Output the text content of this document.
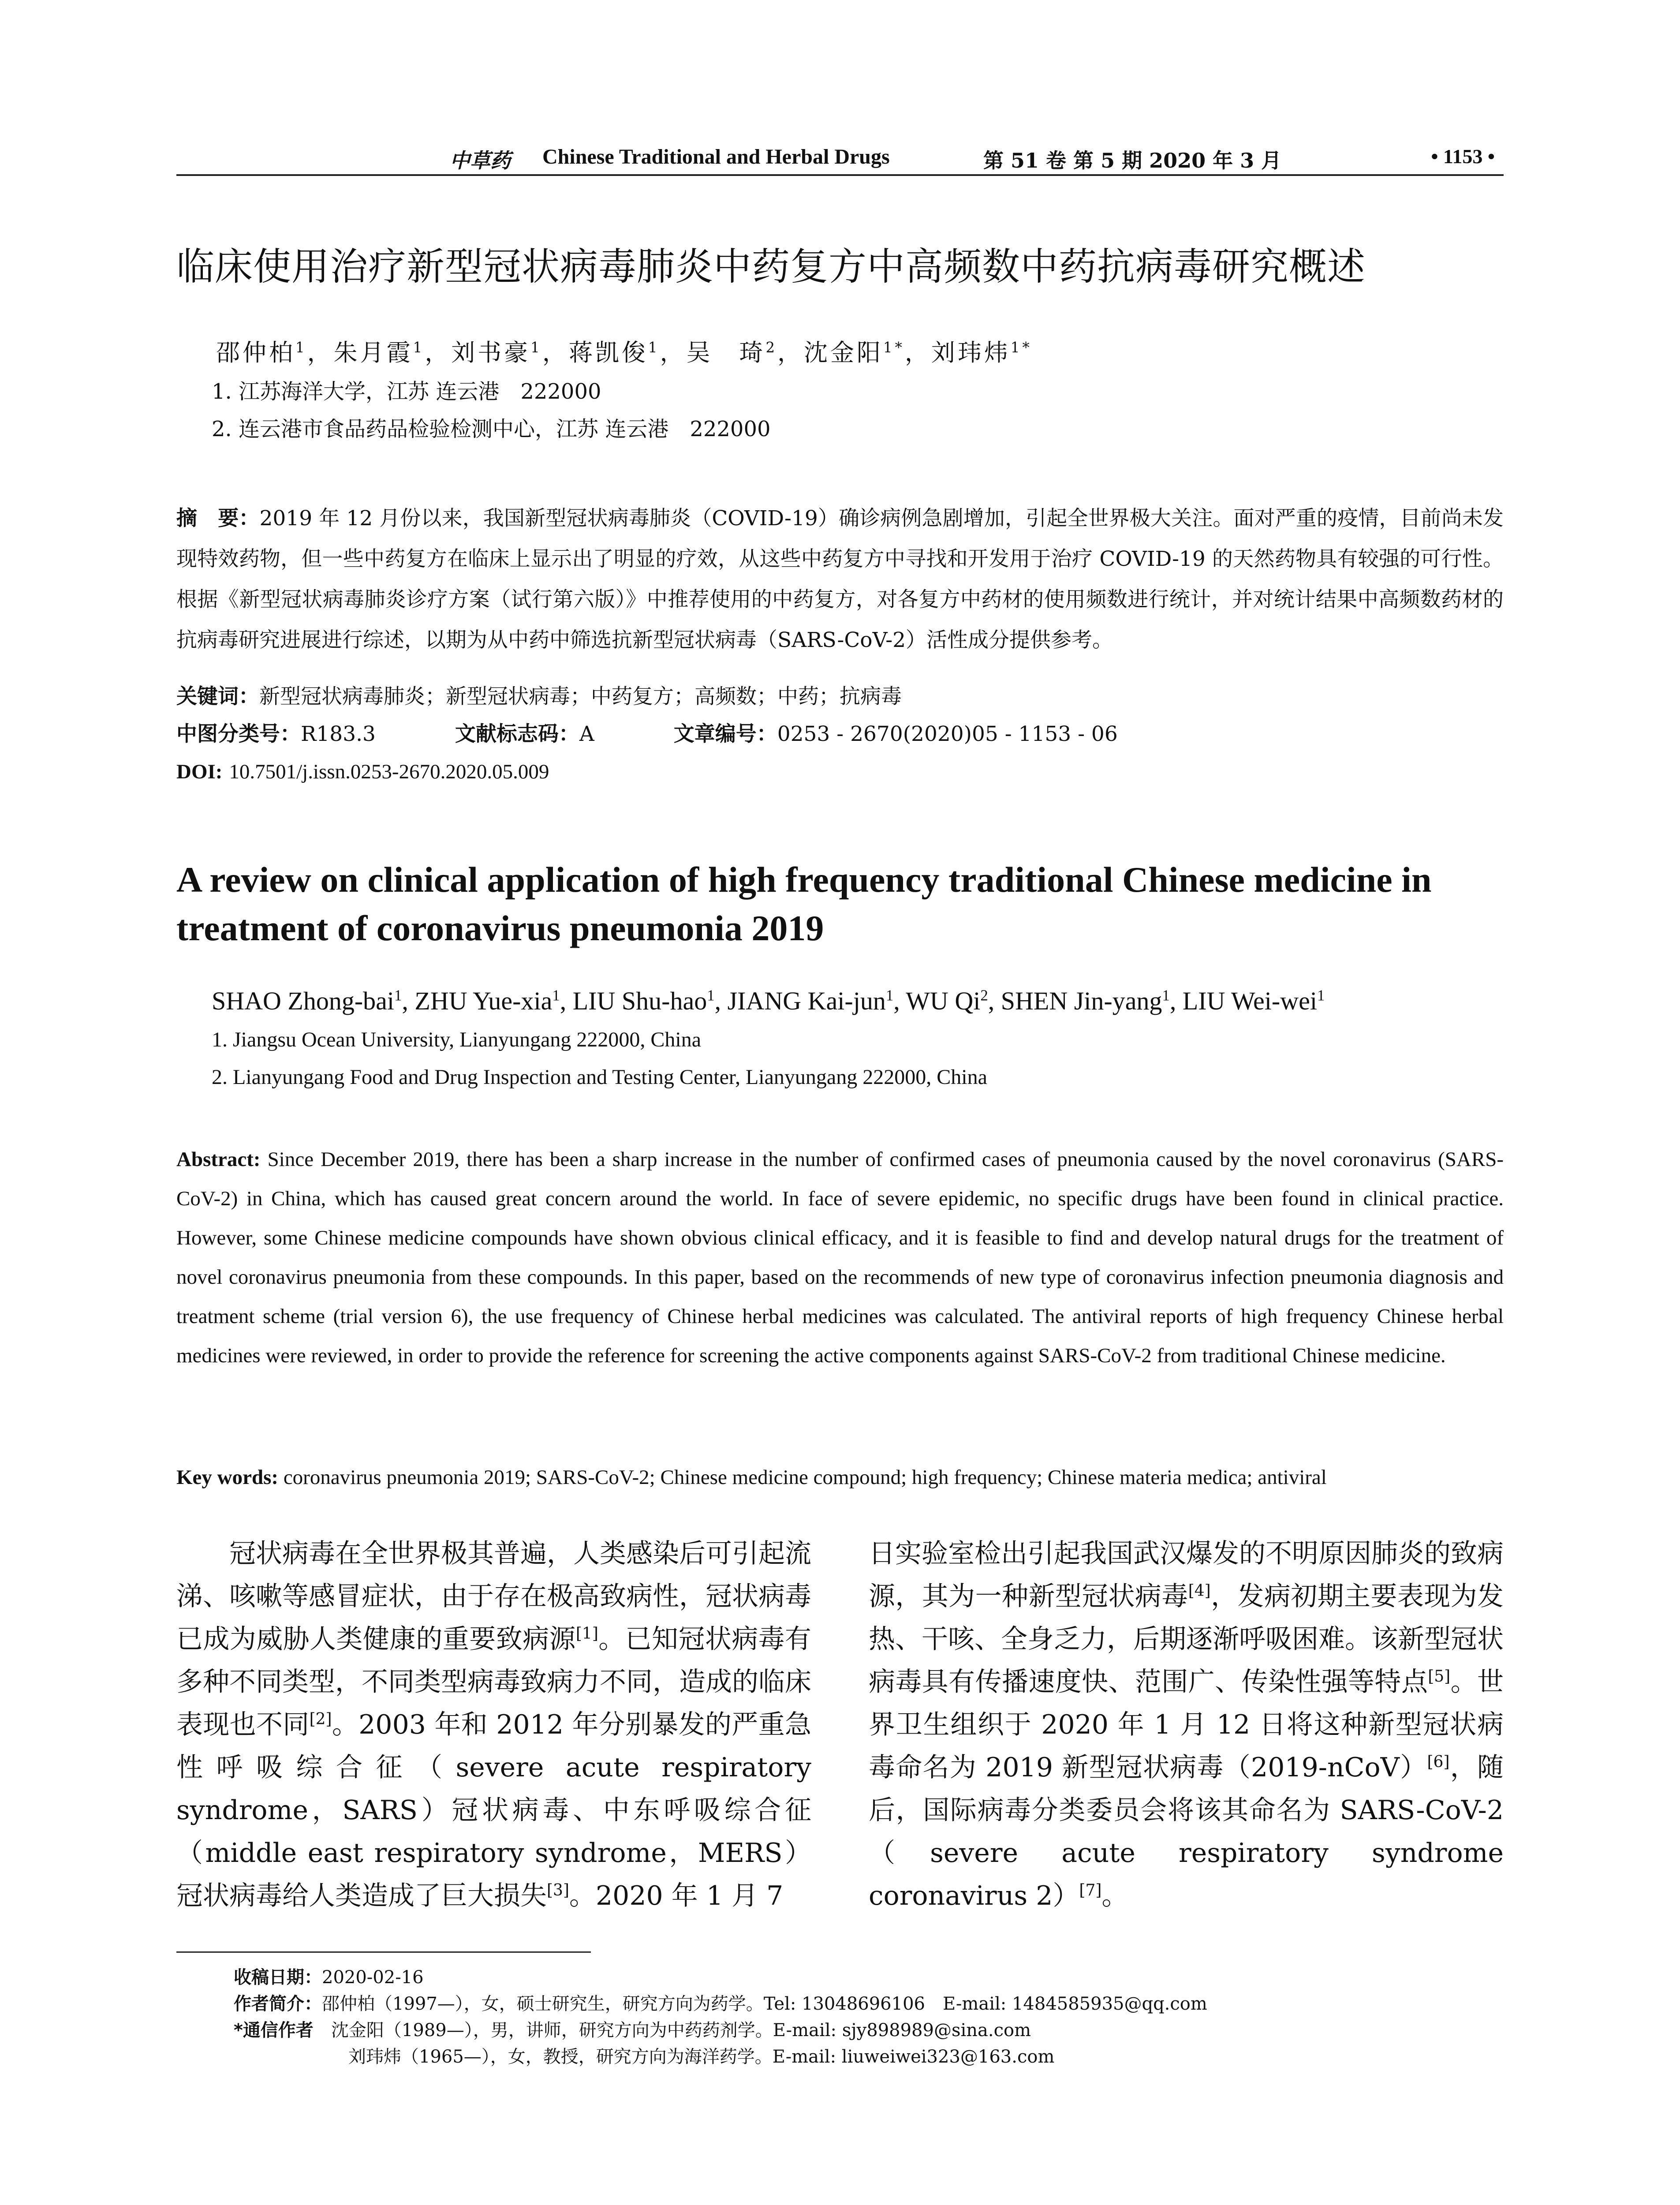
中草药 Chinese Traditional and Herbal Drugs	第 51 卷 第 5 期 2020 年 3 月	• 1153 •
临床使用治疗新型冠状病毒肺炎中药复方中高频数中药抗病毒研究概述
邵仲柏$^1$，朱月霞$^1$，刘书豪$^1$，蒋凯俊$^1$，吴　琦$^2$，沈金阳$^{1*}$，刘玮炜$^{1*}$
1. 江苏海洋大学，江苏 连云港　222000
2. 连云港市食品药品检验检测中心，江苏 连云港　222000
摘　要：2019 年 12 月份以来，我国新型冠状病毒肺炎（COVID-19）确诊病例急剧增加，引起全世界极大关注。面对严重的疫情，目前尚未发现特效药物，但一些中药复方在临床上显示出了明显的疗效，从这些中药复方中寻找和开发用于治疗 COVID-19 的天然药物具有较强的可行性。根据《新型冠状病毒肺炎诊疗方案（试行第六版）》中推荐使用的中药复方，对各复方中药材的使用频数进行统计，并对统计结果中高频数药材的抗病毒研究进展进行综述，以期为从中药中筛选抗新型冠状病毒（SARS-CoV-2）活性成分提供参考。
关键词：新型冠状病毒肺炎；新型冠状病毒；中药复方；高频数；中药；抗病毒
中图分类号：R183.3	文献标志码：A	文章编号：0253 - 2670(2020)05 - 1153 - 06
DOI: 10.7501/j.issn.0253-2670.2020.05.009
A review on clinical application of high frequency traditional Chinese medicine in treatment of coronavirus pneumonia 2019
SHAO Zhong-bai$^1$, ZHU Yue-xia$^1$, LIU Shu-hao$^1$, JIANG Kai-jun$^1$, WU Qi$^2$, SHEN Jin-yang$^1$, LIU Wei-wei$^1$
1. Jiangsu Ocean University, Lianyungang 222000, China
2. Lianyungang Food and Drug Inspection and Testing Center, Lianyungang 222000, China
Abstract: Since December 2019, there has been a sharp increase in the number of confirmed cases of pneumonia caused by the novel coronavirus (SARS-CoV-2) in China, which has caused great concern around the world. In face of severe epidemic, no specific drugs have been found in clinical practice. However, some Chinese medicine compounds have shown obvious clinical efficacy, and it is feasible to find and develop natural drugs for the treatment of novel coronavirus pneumonia from these compounds. In this paper, based on the recommends of new type of coronavirus infection pneumonia diagnosis and treatment scheme (trial version 6), the use frequency of Chinese herbal medicines was calculated. The antiviral reports of high frequency Chinese herbal medicines were reviewed, in order to provide the reference for screening the active components against SARS-CoV-2 from traditional Chinese medicine.
Key words: coronavirus pneumonia 2019; SARS-CoV-2; Chinese medicine compound; high frequency; Chinese materia medica; antiviral
冠状病毒在全世界极其普遍，人类感染后可引起流涕、咳嗽等感冒症状，由于存在极高致病性，冠状病毒已成为威胁人类健康的重要致病源[1]。已知冠状病毒有多种不同类型，不同类型病毒致病力不同，造成的临床表现也不同[2]。2003 年和 2012 年分别暴发的严重急性呼吸综合征（severe acute respiratory syndrome，SARS）冠状病毒、中东呼吸综合征（middle east respiratory syndrome，MERS）冠状病毒给人类造成了巨大损失[3]。2020 年 1 月 7
日实验室检出引起我国武汉爆发的不明原因肺炎的致病源，其为一种新型冠状病毒[4]，发病初期主要表现为发热、干咳、全身乏力，后期逐渐呼吸困难。该新型冠状病毒具有传播速度快、范围广、传染性强等特点[5]。世界卫生组织于 2020 年 1 月 12 日将这种新型冠状病毒命名为 2019 新型冠状病毒（2019-nCoV）[6]，随后，国际病毒分类委员会将该其命名为 SARS-CoV-2（severe acute respiratory syndrome coronavirus 2）[7]。
收稿日期：2020-02-16
作者简介：邵仲柏（1997—），女，硕士研究生，研究方向为药学。Tel: 13048696106　E-mail: 1484585935@qq.com
*通信作者　 沈金阳（1989—），男，讲师，研究方向为中药药剂学。E-mail: sjy898989@sina.com
刘玮炜（1965—），女，教授，研究方向为海洋药学。E-mail: liuweiwei323@163.com
